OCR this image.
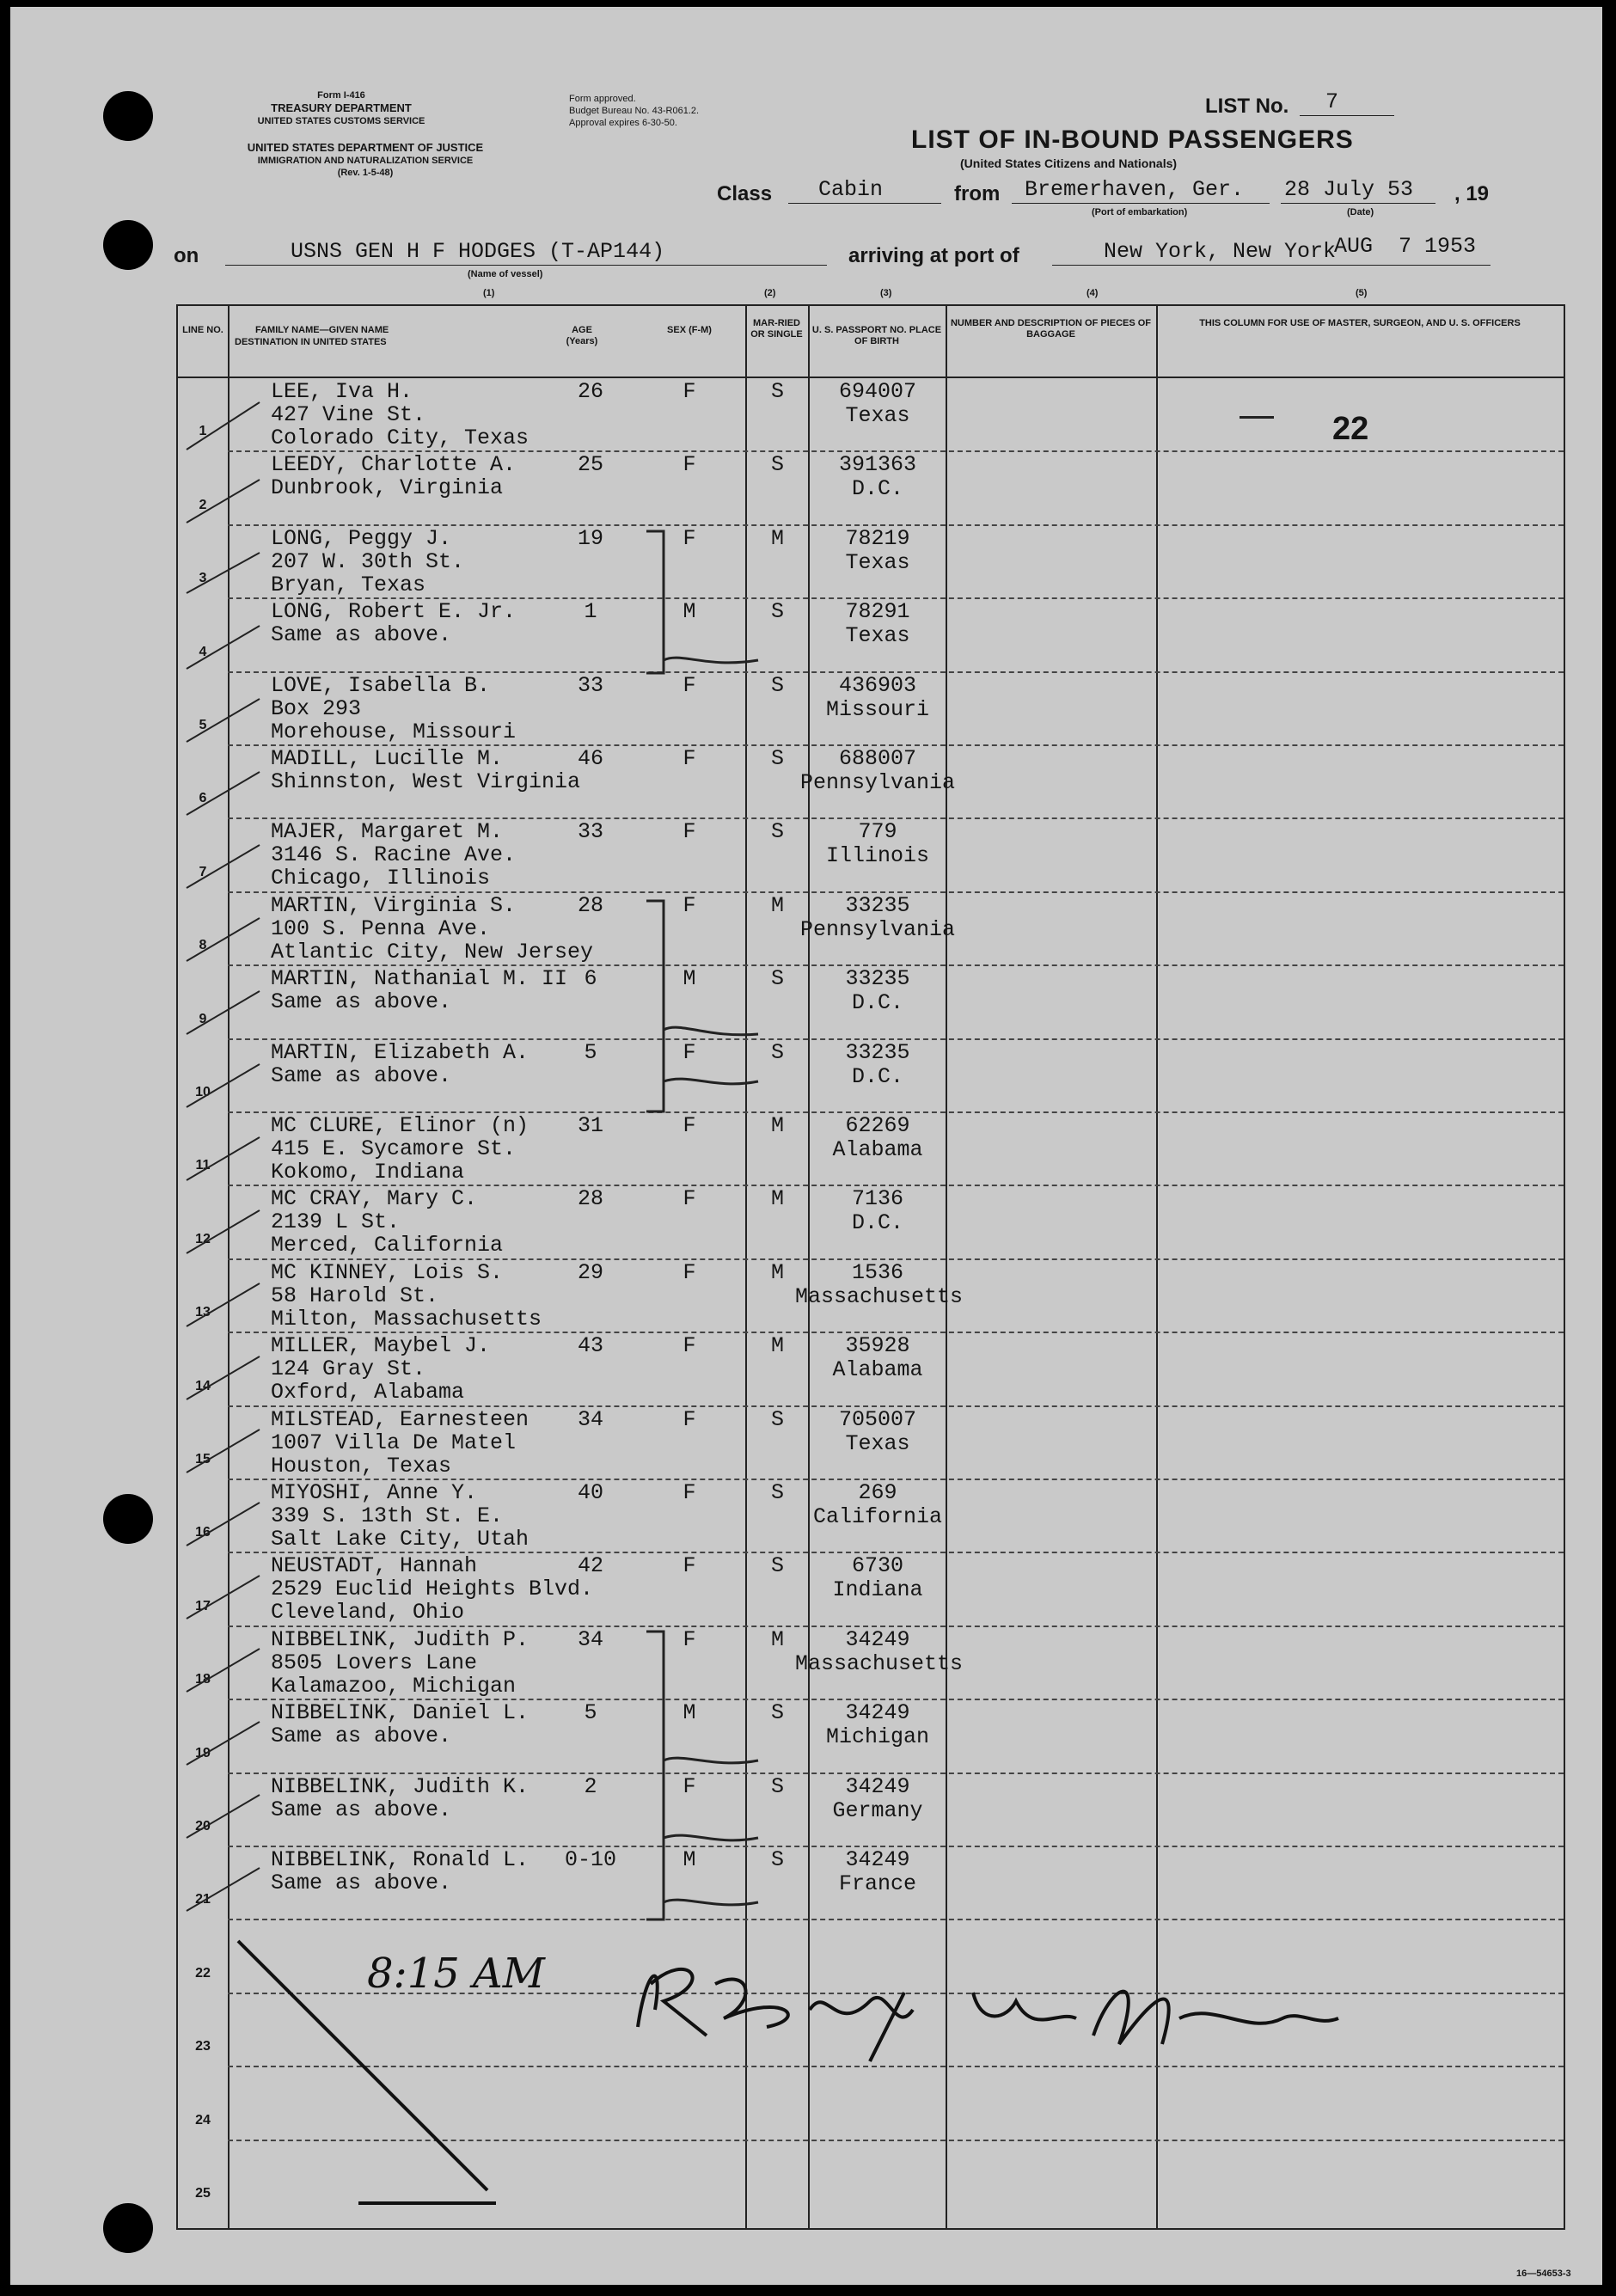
Form I-416
TREASURY DEPARTMENT
UNITED STATES CUSTOMS SERVICE
UNITED STATES DEPARTMENT OF JUSTICE
IMMIGRATION AND NATURALIZATION SERVICE
(Rev. 1-5-48)
Form approved.
Budget Bureau No. 43-R061.2.
Approval expires 6-30-50.
LIST OF IN-BOUND PASSENGERS
(United States Citizens and Nationals)
LIST No. 7
Class Cabin	from Bremerhaven, Ger.
(Port of embarkation)
28 July 53 , 19
(Date)
on	USNS GEN H F HODGES (T-AP144)
(Name of vessel)
arriving at port of	New York, New York
AUG  7 1953
(1)	(2)	(3)	(4)	(5)
LINE NO.	FAMILY NAME—GIVEN NAME
DESTINATION IN UNITED STATES
AGE (Years)
SEX (F-M)
MAR-RIED OR SINGLE	U. S. PASSPORT NO. PLACE OF BIRTH
NUMBER AND DESCRIPTION OF PIECES OF BAGGAGE
THIS COLUMN FOR USE OF MASTER, SURGEON, AND U. S. OFFICERS
1
LEE, Iva H.
427 Vine St.
Colorado City, Texas
26	F	S	694007
Texas
2
LEEDY, Charlotte A.
Dunbrook, Virginia
25	F	S	391363
D.C.
3
LONG, Peggy J.
207 W. 30th St.
Bryan, Texas
19	F	M	78219
Texas
4
LONG, Robert E. Jr.
Same as above.
1	M	S	78291
Texas
5
LOVE, Isabella B.
Box 293
Morehouse, Missouri
33	F	S	436903
Missouri
6
MADILL, Lucille M.
Shinnston, West Virginia
46	F	S	688007
Pennsylvania
7
MAJER, Margaret M.
3146 S. Racine Ave.
Chicago, Illinois
33	F	S	779
Illinois
8
MARTIN, Virginia S.
100 S. Penna Ave.
Atlantic City, New Jersey
28	F	M	33235
Pennsylvania
9
MARTIN, Nathanial M. II
Same as above.
6	M	S	33235
D.C.
10
MARTIN, Elizabeth A.
Same as above.
5	F	S	33235
D.C.
11
MC CLURE, Elinor (n)
415 E. Sycamore St.
Kokomo, Indiana
31	F	M	62269
Alabama
12
MC CRAY, Mary C.
2139 L St.
Merced, California
28	F	M	7136
D.C.
13
MC KINNEY, Lois S.
58 Harold St.
Milton, Massachusetts
29	F	M	1536
Massachusetts
14
MILLER, Maybel J.
124 Gray St.
Oxford, Alabama
43	F	M	35928
Alabama
15
MILSTEAD, Earnesteen
1007 Villa De Matel
Houston, Texas
34	F	S	705007
Texas
16
MIYOSHI, Anne Y.
339 S. 13th St. E.
Salt Lake City, Utah
40	F	S	269
California
17
NEUSTADT, Hannah
2529 Euclid Heights Blvd.
Cleveland, Ohio
42	F	S	6730
Indiana
18
NIBBELINK, Judith P.
8505 Lovers Lane
Kalamazoo, Michigan
34	F	M	34249
Massachusetts
19
NIBBELINK, Daniel L.
Same as above.
5	M	S	34249
Michigan
20
NIBBELINK, Judith K.
Same as above.
2	F	S	34249
Germany
21
NIBBELINK, Ronald L.
Same as above.
0-10	M	S	34249
France
22
23
24
25
22
8:15 AM
16—54653-3
